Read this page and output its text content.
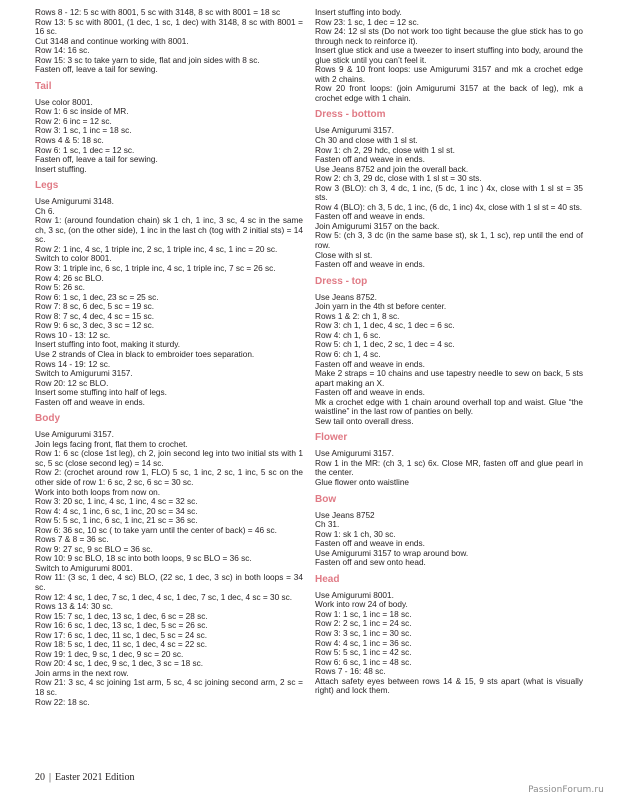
Rows 8 - 12: 5 sc with 8001, 5 sc with 3148, 8 sc with 8001 = 18 sc
Row 13: 5 sc with 8001, (1 dec, 1 sc, 1 dec) with 3148, 8 sc with 8001 = 16 sc.
Cut 3148 and continue working with 8001.
Row 14: 16 sc.
Row 15: 3 sc to take yarn to side, flat and join sides with 8 sc.
Fasten off, leave a tail for sewing.
Tail
Use color 8001.
Row 1: 6 sc inside of MR.
Row 2: 6 inc = 12 sc.
Row 3: 1 sc, 1 inc = 18 sc.
Rows 4 & 5: 18 sc.
Row 6: 1 sc, 1 dec = 12 sc.
Fasten off, leave a tail for sewing.
Insert stuffing.
Legs
Use Amigurumi 3148.
Ch 6.
Row 1: (around foundation chain) sk 1 ch, 1 inc, 3 sc, 4 sc in the same ch, 3 sc, (on the other side), 1 inc in the last ch (tog with 2 initial sts) = 14 sc.
Row 2: 1 inc, 4 sc, 1 triple inc, 2 sc, 1 triple inc, 4 sc, 1 inc = 20 sc.
Switch to color 8001.
Row 3: 1 triple inc, 6 sc, 1 triple inc, 4 sc, 1 triple inc, 7 sc = 26 sc.
Row 4: 26 sc BLO.
Row 5: 26 sc.
Row 6: 1 sc, 1 dec, 23 sc = 25 sc.
Row 7: 8 sc, 6 dec, 5 sc = 19 sc.
Row 8: 7 sc, 4 dec, 4 sc = 15 sc.
Row 9: 6 sc, 3 dec, 3 sc = 12 sc.
Rows 10 - 13: 12 sc.
Insert stuffing into foot, making it sturdy.
Use 2 strands of Clea in black to embroider toes separation.
Rows 14 - 19: 12 sc.
Switch to Amigurumi 3157.
Row 20: 12 sc BLO.
Insert some stuffing into half of legs.
Fasten off and weave in ends.
Body
Use Amigurumi 3157.
Join legs facing front, flat them to crochet.
Row 1: 6 sc (close 1st leg), ch 2, join second leg into two initial sts with 1 sc, 5 sc (close second leg) = 14 sc.
Row 2: (crochet around row 1, FLO) 5 sc, 1 inc, 2 sc, 1 inc, 5 sc on the other side of row 1: 6 sc, 2 sc, 6 sc = 30 sc.
Work into both loops from now on.
Row 3: 20 sc, 1 inc, 4 sc, 1 inc, 4 sc = 32 sc.
Row 4: 4 sc, 1 inc, 6 sc, 1 inc, 20 sc = 34 sc.
Row 5: 5 sc, 1 inc, 6 sc, 1 inc, 21 sc = 36 sc.
Row 6: 36 sc, 10 sc ( to take yarn until the center of back) = 46 sc.
Rows 7 & 8 = 36 sc.
Row 9: 27 sc, 9 sc BLO = 36 sc.
Row 10: 9 sc BLO, 18 sc into both loops, 9 sc BLO = 36 sc.
Switch to Amigurumi 8001.
Row 11: (3 sc, 1 dec, 4 sc) BLO, (22 sc, 1 dec, 3 sc) in both loops = 34 sc.
Row 12: 4 sc, 1 dec, 7 sc, 1 dec, 4 sc, 1 dec, 7 sc, 1 dec, 4 sc = 30 sc.
Rows 13 & 14: 30 sc.
Row 15: 7 sc, 1 dec, 13 sc, 1 dec, 6 sc = 28 sc.
Row 16: 6 sc, 1 dec, 13 sc, 1 dec, 5 sc = 26 sc.
Row 17: 6 sc, 1 dec, 11 sc, 1 dec, 5 sc = 24 sc.
Row 18: 5 sc, 1 dec, 11 sc, 1 dec, 4 sc = 22 sc.
Row 19: 1 dec, 9 sc, 1 dec, 9 sc = 20 sc.
Row 20: 4 sc, 1 dec, 9 sc, 1 dec, 3 sc = 18 sc.
Join arms in the next row.
Row 21: 3 sc, 4 sc joining 1st arm, 5 sc, 4 sc joining second arm, 2 sc = 18 sc.
Row 22: 18 sc.
Insert stuffing into body.
Row 23: 1 sc, 1 dec = 12 sc.
Row 24: 12 sl sts (Do not work too tight because the glue stick has to go through neck to reinforce it).
Insert glue stick and use a tweezer to insert stuffing into body, around the glue stick until you can’t feel it.
Rows 9 & 10 front loops: use Amigurumi 3157 and mk a crochet edge with 2 chains.
Row 20 front loops: (join Amigurumi 3157 at the back of leg), mk a crochet edge with 1 chain.
Dress - bottom
Use Amigurumi 3157.
Ch 30 and close with 1 sl st.
Row 1: ch 2, 29 hdc, close with 1 sl st.
Fasten off and weave in ends.
Use Jeans 8752 and join the overall back.
Row 2: ch 3, 29 dc, close with 1 sl st = 30 sts.
Row 3 (BLO): ch 3, 4 dc, 1 inc, (5 dc, 1 inc ) 4x, close with 1 sl st = 35 sts.
Row 4 (BLO): ch 3, 5 dc, 1 inc, (6 dc, 1 inc) 4x, close with 1 sl st = 40 sts.
Fasten off and weave in ends.
Join Amigurumi 3157 on the back.
Row 5: (ch 3, 3 dc (in the same base st), sk 1, 1 sc), rep until the end of row.
Close with sl st.
Fasten off and weave in ends.
Dress - top
Use Jeans 8752.
Join yarn in the 4th st before center.
Rows 1 & 2: ch 1, 8 sc.
Row 3: ch 1, 1 dec, 4 sc, 1 dec = 6 sc.
Row 4: ch 1, 6 sc.
Row 5: ch 1, 1 dec, 2 sc, 1 dec = 4 sc.
Row 6: ch 1, 4 sc.
Fasten off and weave in ends.
Make 2 straps = 10 chains and use tapestry needle to sew on back, 5 sts apart making an X.
Fasten off and weave in ends.
Mk a crochet edge with 1 chain around overhall top and waist. Glue “the waistline” in the last row of panties on belly.
Sew tail onto overall dress.
Flower
Use Amigurumi 3157.
Row 1 in the MR: (ch 3, 1 sc) 6x. Close MR, fasten off and glue pearl in the center.
Glue flower onto waistline
Bow
Use Jeans 8752
Ch 31.
Row 1: sk 1 ch, 30 sc.
Fasten off and weave in ends.
Use Amigurumi 3157 to wrap around bow.
Fasten off and sew onto head.
Head
Use Amigurumi 8001.
Work into row 24 of body.
Row 1: 1 sc, 1 inc = 18 sc.
Row 2: 2 sc, 1 inc = 24 sc.
Row 3: 3 sc, 1 inc = 30 sc.
Row 4: 4 sc, 1 inc = 36 sc.
Row 5: 5 sc, 1 inc = 42 sc.
Row 6: 6 sc, 1 inc = 48 sc.
Rows 7 - 16: 48 sc.
Attach safety eyes between rows 14 & 15, 9 sts apart (what is visually right) and lock them.
20 | Easter 2021 Edition
PassionForum.ru
